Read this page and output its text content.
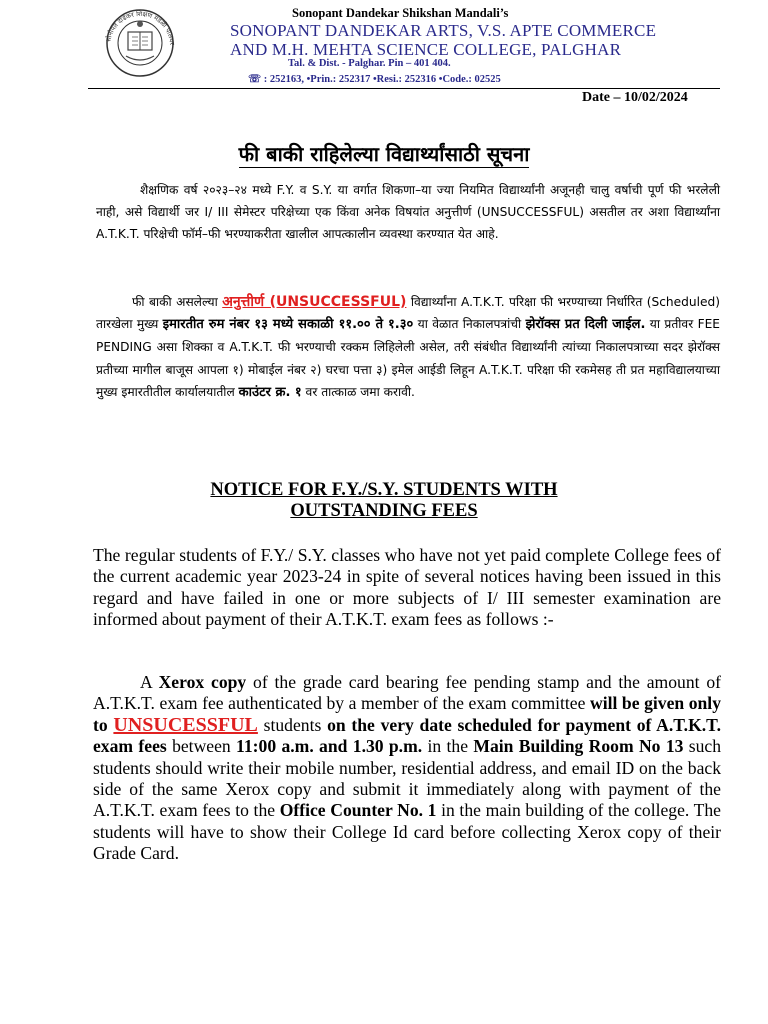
सोनोपंत दांडेकर शिक्षण मंडळी पालघर
Sonopant Dandekar Shikshan Mandali’s
SONOPANT DANDEKAR ARTS, V.S. APTE COMMERCE
AND M.H. MEHTA SCIENCE COLLEGE, PALGHAR
Tal. & Dist. - Palghar. Pin – 401 404.
☏ : 252163, •Prin.: 252317 •Resi.: 252316 •Code.: 02525
Date – 10/02/2024
फी बाकी राहिलेल्या विद्यार्थ्यांसाठी सूचना
शैक्षणिक वर्ष २०२३–२४ मध्ये F.Y. व S.Y. या वर्गात शिकणा–या ज्या नियमित विद्यार्थ्यांनी अजूनही चालु वर्षाची पूर्ण फी भरलेली नाही, असे विद्यार्थी जर I/ III सेमेस्टर परिक्षेच्या एक किंवा अनेक विषयांत अनुत्तीर्ण (UNSUCCESSFUL) असतील तर अशा विद्यार्थ्यांना A.T.K.T. परिक्षेची फॉर्म–फी भरण्याकरीता खालील आपत्कालीन व्यवस्था करण्यात येत आहे.
फी बाकी असलेल्या अनुत्तीर्ण (UNSUCCESSFUL) विद्यार्थ्यांना A.T.K.T. परिक्षा फी भरण्याच्या निर्धारित (Scheduled) तारखेला मुख्य इमारतीत रुम नंबर १३ मध्ये सकाळी ११.०० ते १.३० या वेळात निकालपत्रांची झेरॉक्स प्रत दिली जाईल. या प्रतीवर FEE PENDING असा शिक्का व A.T.K.T. फी भरण्याची रक्कम लिहिलेली असेल, तरी संबंधीत विद्यार्थ्यांनी त्यांच्या निकालपत्राच्या सदर झेरॉक्स प्रतीच्या मागील बाजूस आपला १) मोबाईल नंबर २) घरचा पत्ता ३) इमेल आईडी लिहून A.T.K.T. परिक्षा फी रकमेसह ती प्रत महाविद्यालयाच्या मुख्य इमारतीतील कार्यालयातील काउंटर क्र. १ वर तात्काळ जमा करावी.
NOTICE FOR F.Y./S.Y. STUDENTS WITH
OUTSTANDING FEES
The regular students of F.Y./ S.Y. classes who have not yet paid complete College fees of the current academic year 2023-24 in spite of several notices having been issued in this regard and have failed in one or more subjects of I/ III semester examination are informed about payment of their A.T.K.T. exam fees as follows :-
A Xerox copy of the grade card bearing fee pending stamp and the amount of A.T.K.T. exam fee authenticated by a member of the exam committee will be given only to UNSUCESSFUL students on the very date scheduled for payment of A.T.K.T. exam fees between 11:00 a.m. and 1.30 p.m. in the Main Building Room No 13 such students should write their mobile number, residential address, and email ID on the back side of the same Xerox copy and submit it immediately along with payment of the A.T.K.T. exam fees to the Office Counter No. 1 in the main building of the college. The students will have to show their College Id card before collecting Xerox copy of their Grade Card.
